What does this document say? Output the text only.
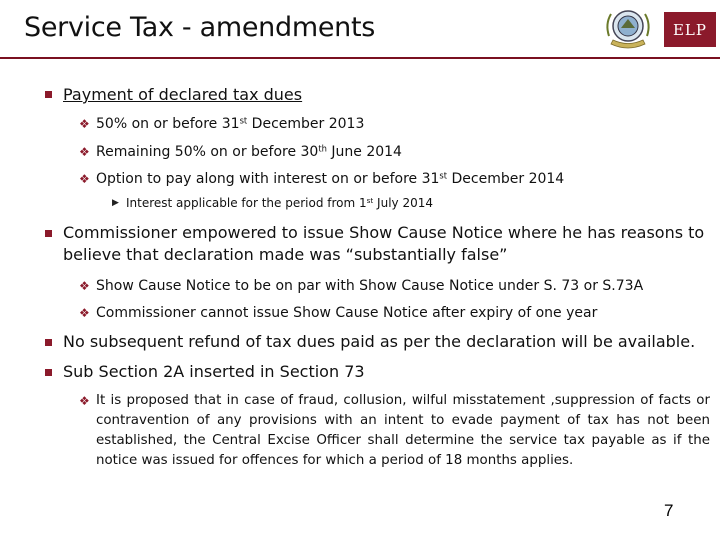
Service Tax - amendments	ELP
Payment of declared tax dues
❖ 50% on or before 31st December 2013
❖ Remaining 50% on or before 30th June 2014
❖ Option to pay along with interest on or before 31st December 2014
▶ Interest applicable for the period from 1st July 2014
Commissioner empowered to issue Show Cause Notice where he has reasons to
believe that declaration made was “substantially false”
❖ Show Cause Notice to be on par with Show Cause Notice under S. 73 or S.73A
❖ Commissioner cannot issue Show Cause Notice after expiry of one year
No subsequent refund of tax dues paid as per the declaration will be available.
Sub Section 2A inserted in Section 73
❖ It is proposed that in case of fraud, collusion, wilful misstatement ,suppression of facts or contravention of any provisions with an intent to evade payment of tax has not been established, the Central Excise Officer shall determine the service tax payable as if the notice was issued for offences for which a period of 18 months applies.
7
